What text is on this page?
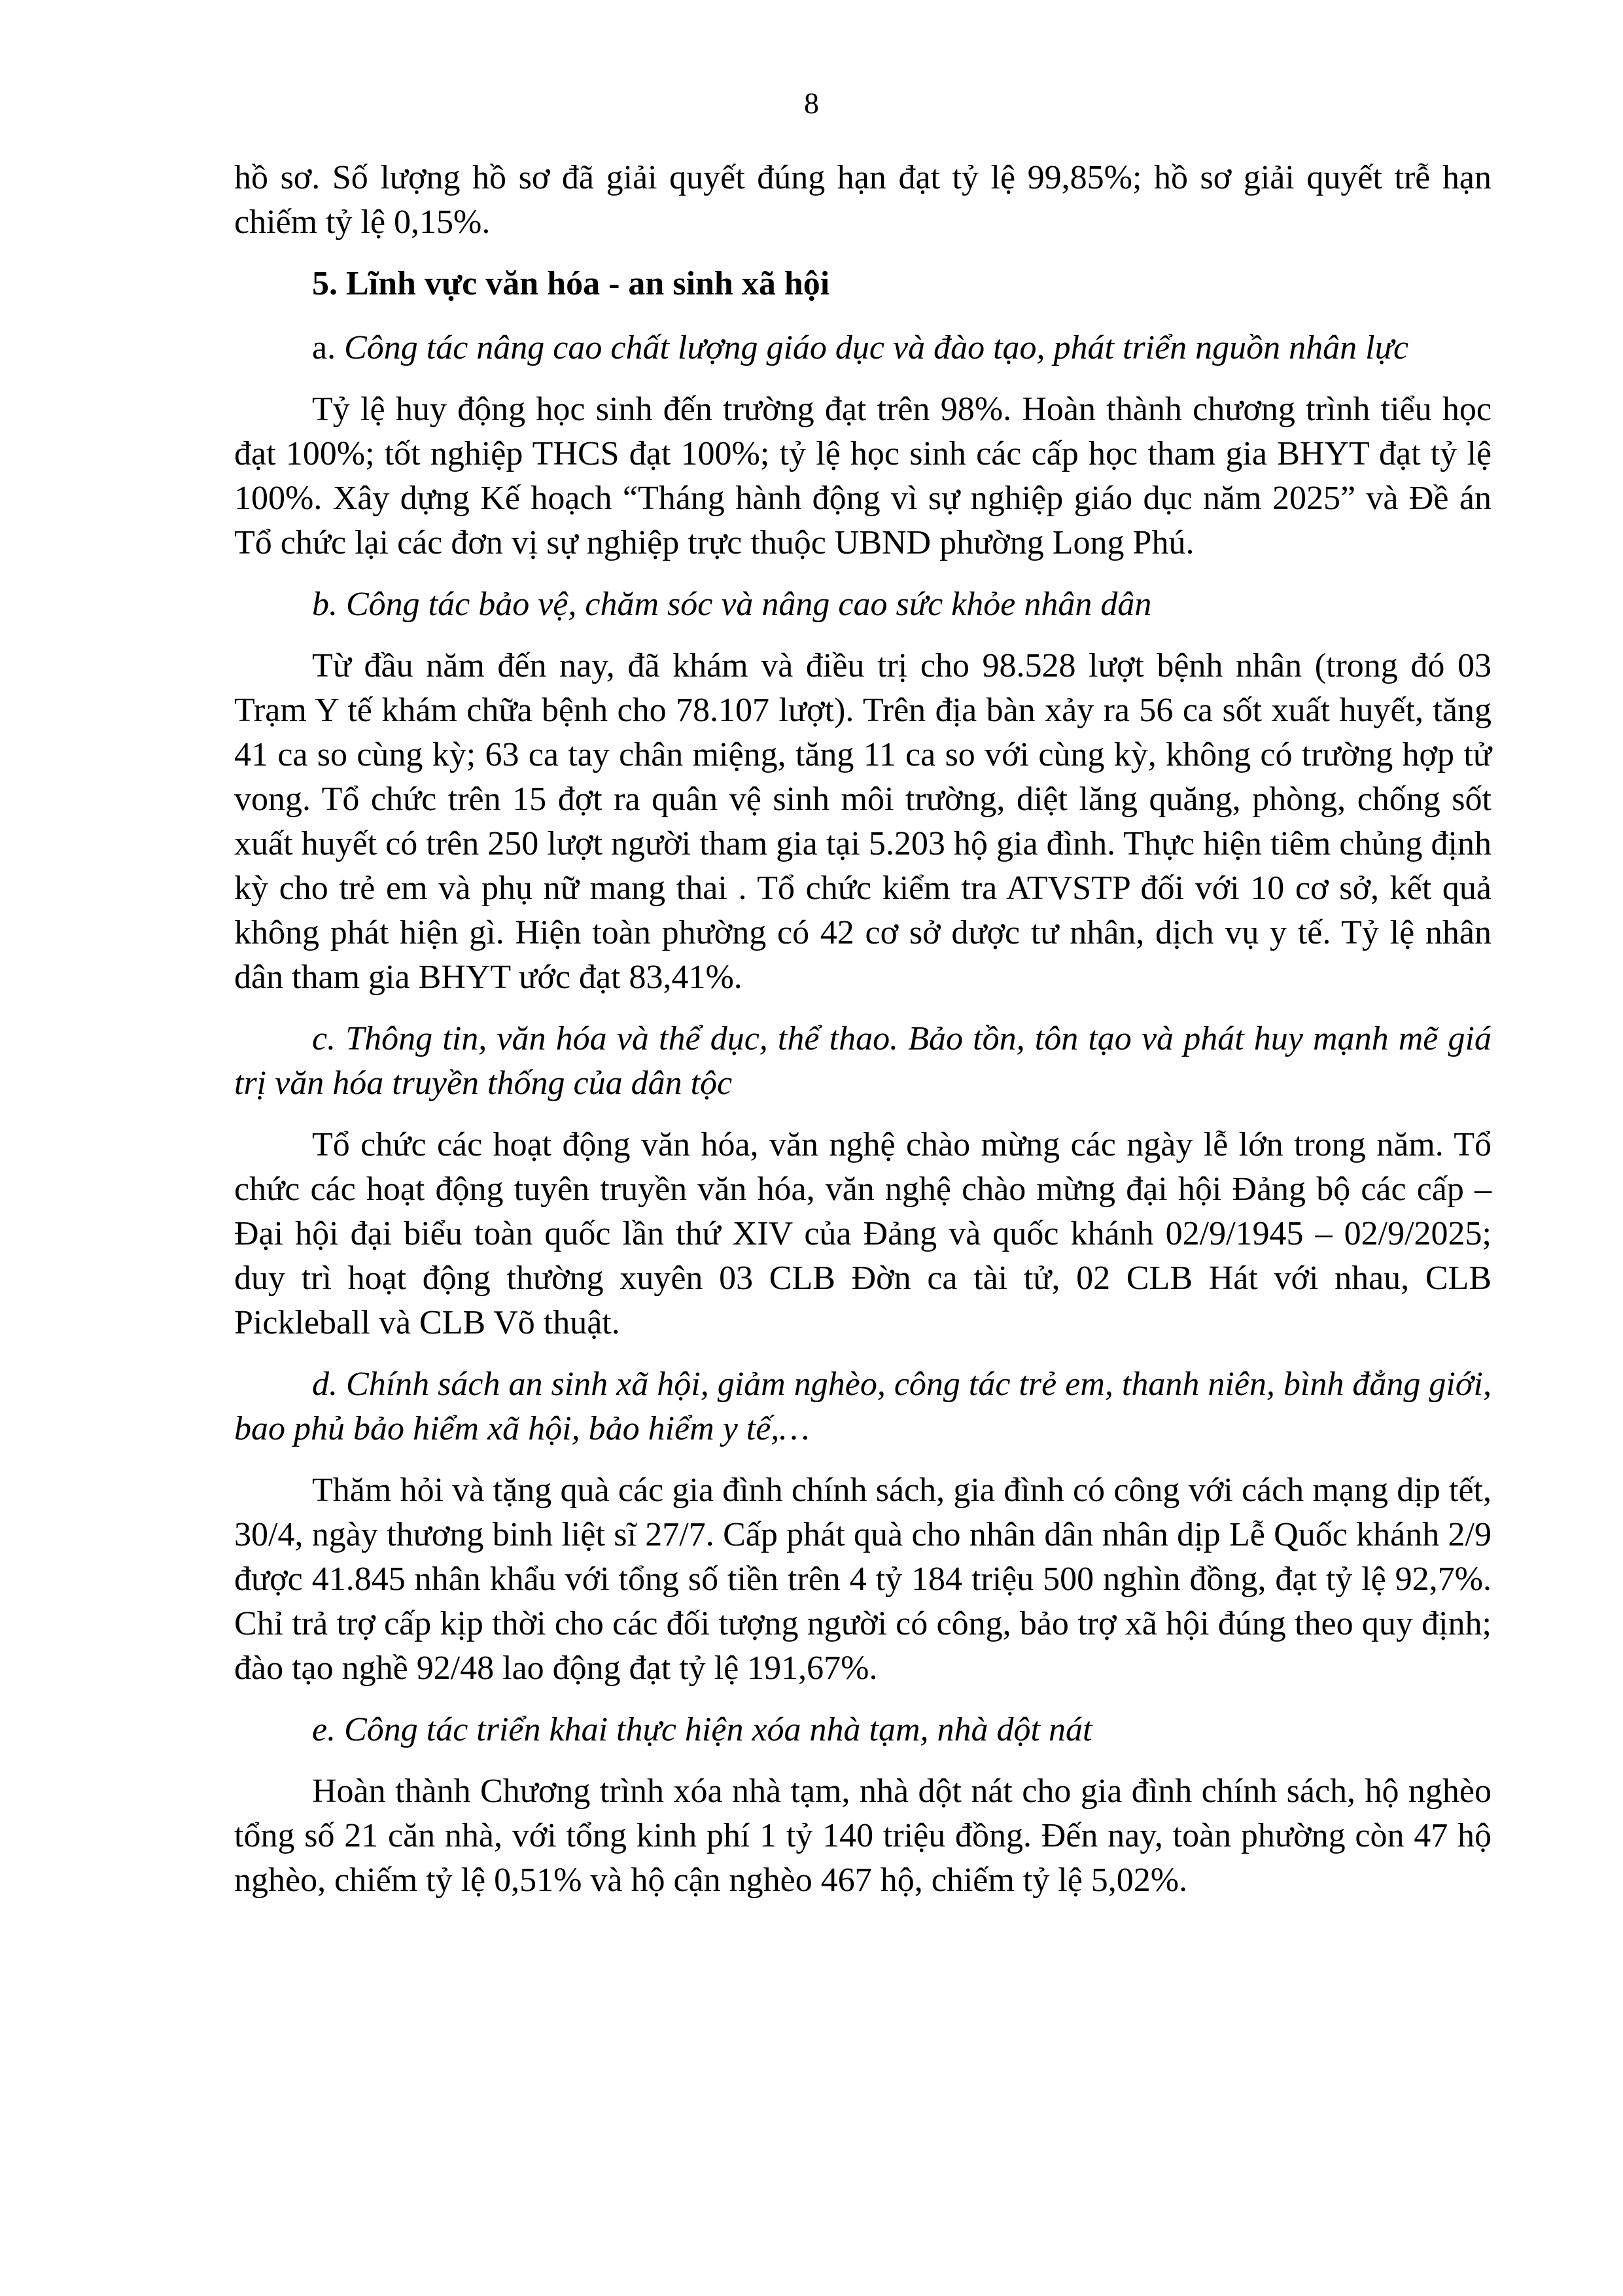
8

hồ sơ. Số lượng hồ sơ đã giải quyết đúng hạn đạt tỷ lệ 99,85%; hồ sơ giải quyết trễ hạn chiếm tỷ lệ 0,15%.

5. Lĩnh vực văn hóa - an sinh xã hội

a. Công tác nâng cao chất lượng giáo dục và đào tạo, phát triển nguồn nhân lực

Tỷ lệ huy động học sinh đến trường đạt trên 98%. Hoàn thành chương trình tiểu học đạt 100%; tốt nghiệp THCS đạt 100%; tỷ lệ học sinh các cấp học tham gia BHYT đạt tỷ lệ 100%. Xây dựng Kế hoạch “Tháng hành động vì sự nghiệp giáo dục năm 2025” và Đề án Tổ chức lại các đơn vị sự nghiệp trực thuộc UBND phường Long Phú.

b. Công tác bảo vệ, chăm sóc và nâng cao sức khỏe nhân dân

Từ đầu năm đến nay, đã khám và điều trị cho 98.528 lượt bệnh nhân (trong đó 03 Trạm Y tế khám chữa bệnh cho 78.107 lượt). Trên địa bàn xảy ra 56 ca sốt xuất huyết, tăng 41 ca so cùng kỳ; 63 ca tay chân miệng, tăng 11 ca so với cùng kỳ, không có trường hợp tử vong. Tổ chức trên 15 đợt ra quân vệ sinh môi trường, diệt lăng quăng, phòng, chống sốt xuất huyết có trên 250 lượt người tham gia tại 5.203 hộ gia đình. Thực hiện tiêm chủng định kỳ cho trẻ em và phụ nữ mang thai . Tổ chức kiểm tra ATVSTP đối với 10 cơ sở, kết quả không phát hiện gì. Hiện toàn phường có 42 cơ sở dược tư nhân, dịch vụ y tế. Tỷ lệ nhân dân tham gia BHYT ước đạt 83,41%.

c. Thông tin, văn hóa và thể dục, thể thao. Bảo tồn, tôn tạo và phát huy mạnh mẽ giá trị văn hóa truyền thống của dân tộc

Tổ chức các hoạt động văn hóa, văn nghệ chào mừng các ngày lễ lớn trong năm. Tổ chức các hoạt động tuyên truyền văn hóa, văn nghệ chào mừng đại hội Đảng bộ các cấp – Đại hội đại biểu toàn quốc lần thứ XIV của Đảng và quốc khánh 02/9/1945 – 02/9/2025; duy trì hoạt động thường xuyên 03 CLB Đờn ca tài tử, 02 CLB Hát với nhau, CLB Pickleball và CLB Võ thuật.

d. Chính sách an sinh xã hội, giảm nghèo, công tác trẻ em, thanh niên, bình đẳng giới, bao phủ bảo hiểm xã hội, bảo hiểm y tế,…

Thăm hỏi và tặng quà các gia đình chính sách, gia đình có công với cách mạng dịp tết, 30/4, ngày thương binh liệt sĩ 27/7. Cấp phát quà cho nhân dân nhân dịp Lễ Quốc khánh 2/9 được 41.845 nhân khẩu với tổng số tiền trên 4 tỷ 184 triệu 500 nghìn đồng, đạt tỷ lệ 92,7%. Chỉ trả trợ cấp kịp thời cho các đối tượng người có công, bảo trợ xã hội đúng theo quy định; đào tạo nghề 92/48 lao động đạt tỷ lệ 191,67%.

e. Công tác triển khai thực hiện xóa nhà tạm, nhà dột nát

Hoàn thành Chương trình xóa nhà tạm, nhà dột nát cho gia đình chính sách, hộ nghèo tổng số 21 căn nhà, với tổng kinh phí 1 tỷ 140 triệu đồng. Đến nay, toàn phường còn 47 hộ nghèo, chiếm tỷ lệ 0,51% và hộ cận nghèo 467 hộ, chiếm tỷ lệ 5,02%.
